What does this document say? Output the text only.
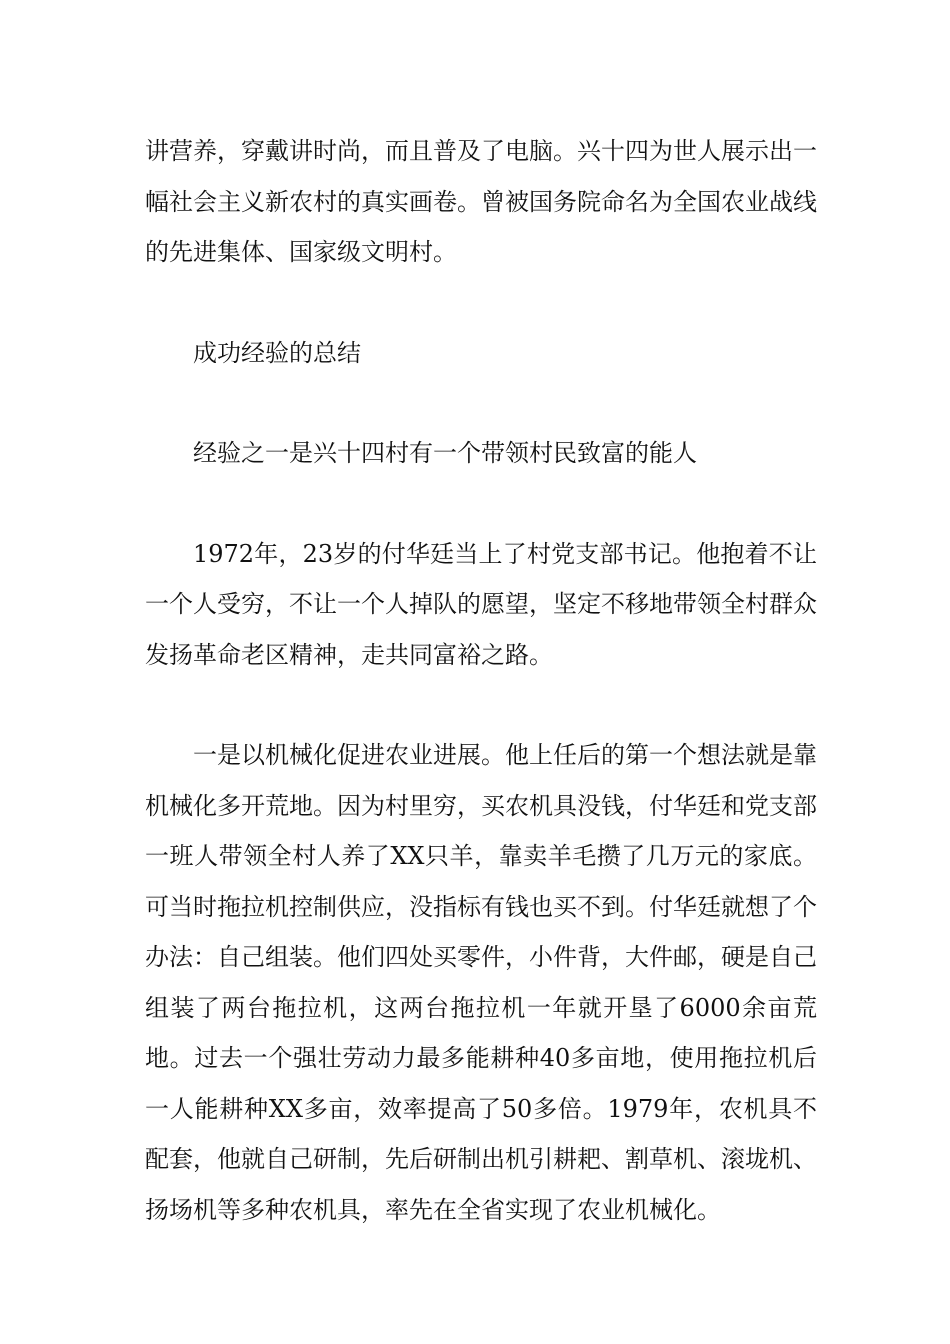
讲营养，穿戴讲时尚，而且普及了电脑。兴十四为世人展示出一幅社会主义新农村的真实画卷。曾被国务院命名为全国农业战线的先进集体、国家级文明村。

成功经验的总结

经验之一是兴十四村有一个带领村民致富的能人

1972年，23岁的付华廷当上了村党支部书记。他抱着不让一个人受穷，不让一个人掉队的愿望，坚定不移地带领全村群众发扬革命老区精神，走共同富裕之路。

一是以机械化促进农业进展。他上任后的第一个想法就是靠机械化多开荒地。因为村里穷，买农机具没钱，付华廷和党支部一班人带领全村人养了XX只羊，靠卖羊毛攒了几万元的家底。可当时拖拉机控制供应，没指标有钱也买不到。付华廷就想了个办法：自己组装。他们四处买零件，小件背，大件邮，硬是自己组装了两台拖拉机，这两台拖拉机一年就开垦了6000余亩荒地。过去一个强壮劳动力最多能耕种40多亩地，使用拖拉机后一人能耕种XX多亩，效率提高了50多倍。1979年，农机具不配套，他就自己研制，先后研制出机引耕耙、割草机、滚垅机、扬场机等多种农机具，率先在全省实现了农业机械化。
